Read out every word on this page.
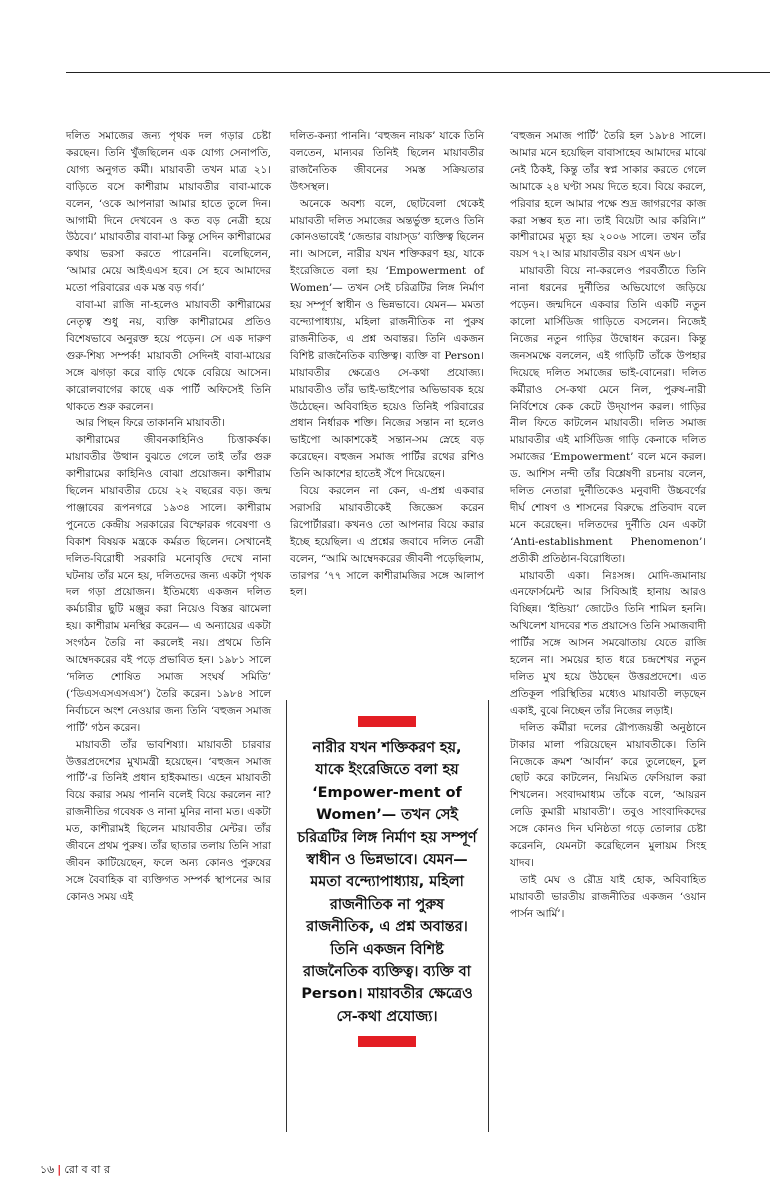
দলিত সমাজের জন্য পৃথক দল গড়ার চেষ্টা করছেন। তিনি খুঁজছিলেন এক যোগ্য সেনাপতি, যোগ্য অনুগত কর্মী। মায়াবতী তখন মাত্র ২১। বাড়িতে বসে কাশীরাম মায়াবতীর বাবা-মাকে বলেন, ‘ওকে আপনারা আমার হাতে তুলে দিন। আগামী দিনে দেখবেন ও কত বড় নেত্রী হয়ে উঠবে।’ মায়াবতীর বাবা-মা কিন্তু সেদিন কাশীরামের কথায় ভরসা করতে পারেননি। বলেছিলেন, ‘আমার মেয়ে আইএএস হবে। সে হবে আমাদের মতো পরিবারের এক মস্ত বড় গর্ব।’

বাবা-মা রাজি না-হলেও মায়াবতী কাশীরামের নেতৃত্ব শুধু নয়, ব্যক্তি কাশীরামের প্রতিও বিশেষভাবে অনুরক্ত হয়ে পড়েন। সে এক দারুণ গুরু-শিষ্য সম্পর্ক! মায়াবতী সেদিনই বাবা-মায়ের সঙ্গে ঝগড়া করে বাড়ি থেকে বেরিয়ে আসেন। কারোলবাগের কাছে এক পার্টি অফিসেই তিনি থাকতে শুরু করলেন।

আর পিছন ফিরে তাকাননি মায়াবতী।

কাশীরামের জীবনকাহিনিও চিত্তাকর্ষক। মায়াবতীর উত্থান বুঝতে গেলে তাই তাঁর গুরু কাশীরামের কাহিনিও বোঝা প্রয়োজন। কাশীরাম ছিলেন মায়াবতীর চেয়ে ২২ বছরের বড়। জন্ম পাঞ্জাবের রূপনগরে ১৯৩৪ সালে। কাশীরাম পুনেতে কেন্দ্রীয় সরকারের বিস্ফোরক গবেষণা ও বিকাশ বিষয়ক মন্ত্রকে কর্মরত ছিলেন। সেখানেই দলিত-বিরোধী সরকারি মনোবৃত্তি দেখে নানা ঘটনায় তাঁর মনে হয়, দলিতদের জন্য একটা পৃথক দল গড়া প্রয়োজন। ইতিমধ্যে একজন দলিত কর্মচারীর ছুটি মঞ্জুর করা নিয়েও বিস্তর ঝামেলা হয়। কাশীরাম মনস্থির করেন— এ অন্যায়ের একটা সংগঠন তৈরি না করলেই নয়। প্রথমে তিনি আম্বেদকরের বই পড়ে প্রভাবিত হন। ১৯৮১ সালে ‘দলিত শোষিত সমাজ সংঘর্ষ সমিতি’ (‘ডিএসএসএসএস’) তৈরি করেন। ১৯৮৪ সালে নির্বাচনে অংশ নেওয়ার জন্য তিনি ‘বহুজন সমাজ পার্টি’ গঠন করেন।

মায়াবতী তাঁর ভাবশিষ্যা। মায়াবতী চারবার উত্তরপ্রদেশের মুখ্যমন্ত্রী হয়েছেন। ‘বহুজন সমাজ পার্টি’-র তিনিই প্রধান হাইকমান্ড। এহেন মায়াবতী বিয়ে করার সময় পাননি বলেই বিয়ে করলেন না? রাজনীতির গবেষক ও নানা মুনির নানা মত। একটা মত, কাশীরামই ছিলেন মায়াবতীর মেন্টর। তাঁর জীবনে প্রথম পুরুষ। তাঁর ছাতার তলায় তিনি সারা জীবন কাটিয়েছেন, ফলে অন্য কোনও পুরুষের সঙ্গে বৈবাহিক বা ব্যক্তিগত সম্পর্ক স্থাপনের আর কোনও সময় এই

দলিত-কন্যা পাননি। ‘বহুজন নায়ক’ যাকে তিনি বলতেন, মান্যবর তিনিই ছিলেন মায়াবতীর রাজনৈতিক জীবনের সমস্ত সক্রিয়তার উৎসস্থল।

অনেকে অবশ্য বলে, ছোটবেলা থেকেই মায়াবতী দলিত সমাজের অন্তর্ভুক্ত হলেও তিনি কোনওভাবেই ‘জেন্ডার বায়াস্‌ড’ ব্যক্তিত্ব ছিলেন না। আসলে, নারীর যখন শক্তিকরণ হয়, যাকে ইংরেজিতে বলা হয় ‘Empowerment of Women’— তখন সেই চরিত্রটির লিঙ্গ নির্মাণ হয় সম্পূর্ণ স্বাধীন ও ভিন্নভাবে। যেমন— মমতা বন্দ্যোপাধ্যায়, মহিলা রাজনীতিক না পুরুষ রাজনীতিক, এ প্রশ্ন অবান্তর। তিনি একজন বিশিষ্ট রাজনৈতিক ব্যক্তিত্ব। ব্যক্তি বা Person। মায়াবতীর ক্ষেত্রেও সে-কথা প্রযোজ্য। মায়াবতীও তাঁর ভাই-ভাইপোর অভিভাবক হয়ে উঠেছেন। অবিবাহিত হয়েও তিনিই পরিবারের প্রধান নির্ধারক শক্তি। নিজের সন্তান না হলেও ভাইপো আকাশকেই সন্তান-সম স্নেহে বড় করেছেন। বহুজন সমাজ পার্টির রথের রশিও তিনি আকাশের হাতেই সঁপে দিয়েছেন।

বিয়ে করলেন না কেন, এ-প্রশ্ন একবার সরাসরি মায়াবতীকেই জিজ্ঞেস করেন রিপোর্টাররা। কখনও তো আপনার বিয়ে করার ইচ্ছে হয়েছিল। এ প্রশ্নের জবাবে দলিত নেত্রী বলেন, “আমি আম্বেদকরের জীবনী পড়েছিলাম, তারপর ’৭৭ সালে কাশীরামজির সঙ্গে আলাপ হল।

‘বহুজন সমাজ পার্টি’ তৈরি হল ১৯৮৪ সালে। আমার মনে হয়েছিল বাবাসাহেব আমাদের মাঝে নেই ঠিকই, কিন্তু তাঁর স্বপ্ন সাকার করতে গেলে আমাকে ২৪ ঘণ্টা সময় দিতে হবে। বিয়ে করলে, পরিবার হলে আমার পক্ষে শুদ্র জাগরণের কাজ করা সম্ভব হত না। তাই বিয়েটা আর করিনি।” কাশীরামের মৃত্যু হয় ২০০৬ সালে। তখন তাঁর বয়স ৭২। আর মায়াবতীর বয়স এখন ৬৮।

মায়াবতী বিয়ে না-করলেও পরবর্তীতে তিনি নানা ধরনের দুর্নীতির অভিযোগে জড়িয়ে পড়েন। জন্মদিনে একবার তিনি একটি নতুন কালো মার্সিডিজ গাড়িতে বসলেন। নিজেই নিজের নতুন গাড়ির উদ্বোধন করেন। কিন্তু জনসমক্ষে বললেন, এই গাড়িটি তাঁকে উপহার দিয়েছে দলিত সমাজের ভাই-বোনেরা। দলিত কর্মীরাও সে-কথা মেনে নিল, পুরুষ-নারী নির্বিশেষে কেক কেটে উদ্‌যাপন করল। গাড়ির নীল ফিতে কাটলেন মায়াবতী। দলিত সমাজ মায়াবতীর এই মার্সিডিজ গাড়ি কেনাকে দলিত সমাজের ‘Empowerment’ বলে মনে করল। ড. আশিস নন্দী তাঁর বিশ্লেষণী রচনায় বলেন, দলিত নেতারা দুর্নীতিকেও মনুবাদী উচ্চবর্ণের দীর্ঘ শোষণ ও শাসনের বিরুদ্ধে প্রতিবাদ বলে মনে করেছেন। দলিতদের দুর্নীতি যেন একটা ‘Anti-establishment Phenomenon’। প্রতীকী প্রতিষ্ঠান-বিরোধিতা।

মায়াবতী একা। নিঃসঙ্গ। মোদি-জমানায় এনফোর্সমেন্ট আর সিবিআই হানায় আরও বিচ্ছিন্ন। ‘ইন্ডিয়া’ জোটেও তিনি শামিল হননি। অখিলেশ যাদবের শত প্রয়াসেও তিনি সমাজবাদী পার্টির সঙ্গে আসন সমঝোতায় যেতে রাজি হলেন না। সময়ের হাত ধরে চন্দ্রশেখর নতুন দলিত মুখ হয়ে উঠছেন উত্তরপ্রদেশে। এত প্রতিকূল পরিস্থিতির মধ্যেও মায়াবতী লড়ছেন একাই, বুঝে নিচ্ছেন তাঁর নিজের লড়াই।

দলিত কর্মীরা দলের রৌপ্যজয়ন্তী অনুষ্ঠানে টাকার মালা পরিয়েছেন মায়াবতীকে। তিনি নিজেকে ক্রমশ ‘আর্বান’ করে তুলেছেন, চুল ছোট করে কাটলেন, নিয়মিত ফেসিয়াল করা শিখলেন। সংবাদমাধ্যম তাঁকে বলে, ‘আয়রন লেডি কুমারী মায়াবতী’। তবুও সাংবাদিকদের সঙ্গে কোনও দিন ঘনিষ্ঠতা গড়ে তোলার চেষ্টা করেননি, যেমনটা করেছিলেন মুলায়ম সিংহ যাদব।

তাই মেঘ ও রৌদ্র যাই হোক, অবিবাহিত মায়াবতী ভারতীয় রাজনীতির একজন ‘ওয়ান পার্সন আর্মি’।

নারীর যখন শক্তিকরণ হয়, যাকে ইংরেজিতে বলা হয় ‘Empower-ment of Women’— তখন সেই চরিত্রটির লিঙ্গ নির্মাণ হয় সম্পূর্ণ স্বাধীন ও ভিন্নভাবে। যেমন— মমতা বন্দ্যোপাধ্যায়, মহিলা রাজনীতিক না পুরুষ রাজনীতিক, এ প্রশ্ন অবান্তর। তিনি একজন বিশিষ্ট রাজনৈতিক ব্যক্তিত্ব। ব্যক্তি বা Person। মায়াবতীর ক্ষেত্রেও সে-কথা প্রযোজ্য।
১৬ | রো ব বা র
